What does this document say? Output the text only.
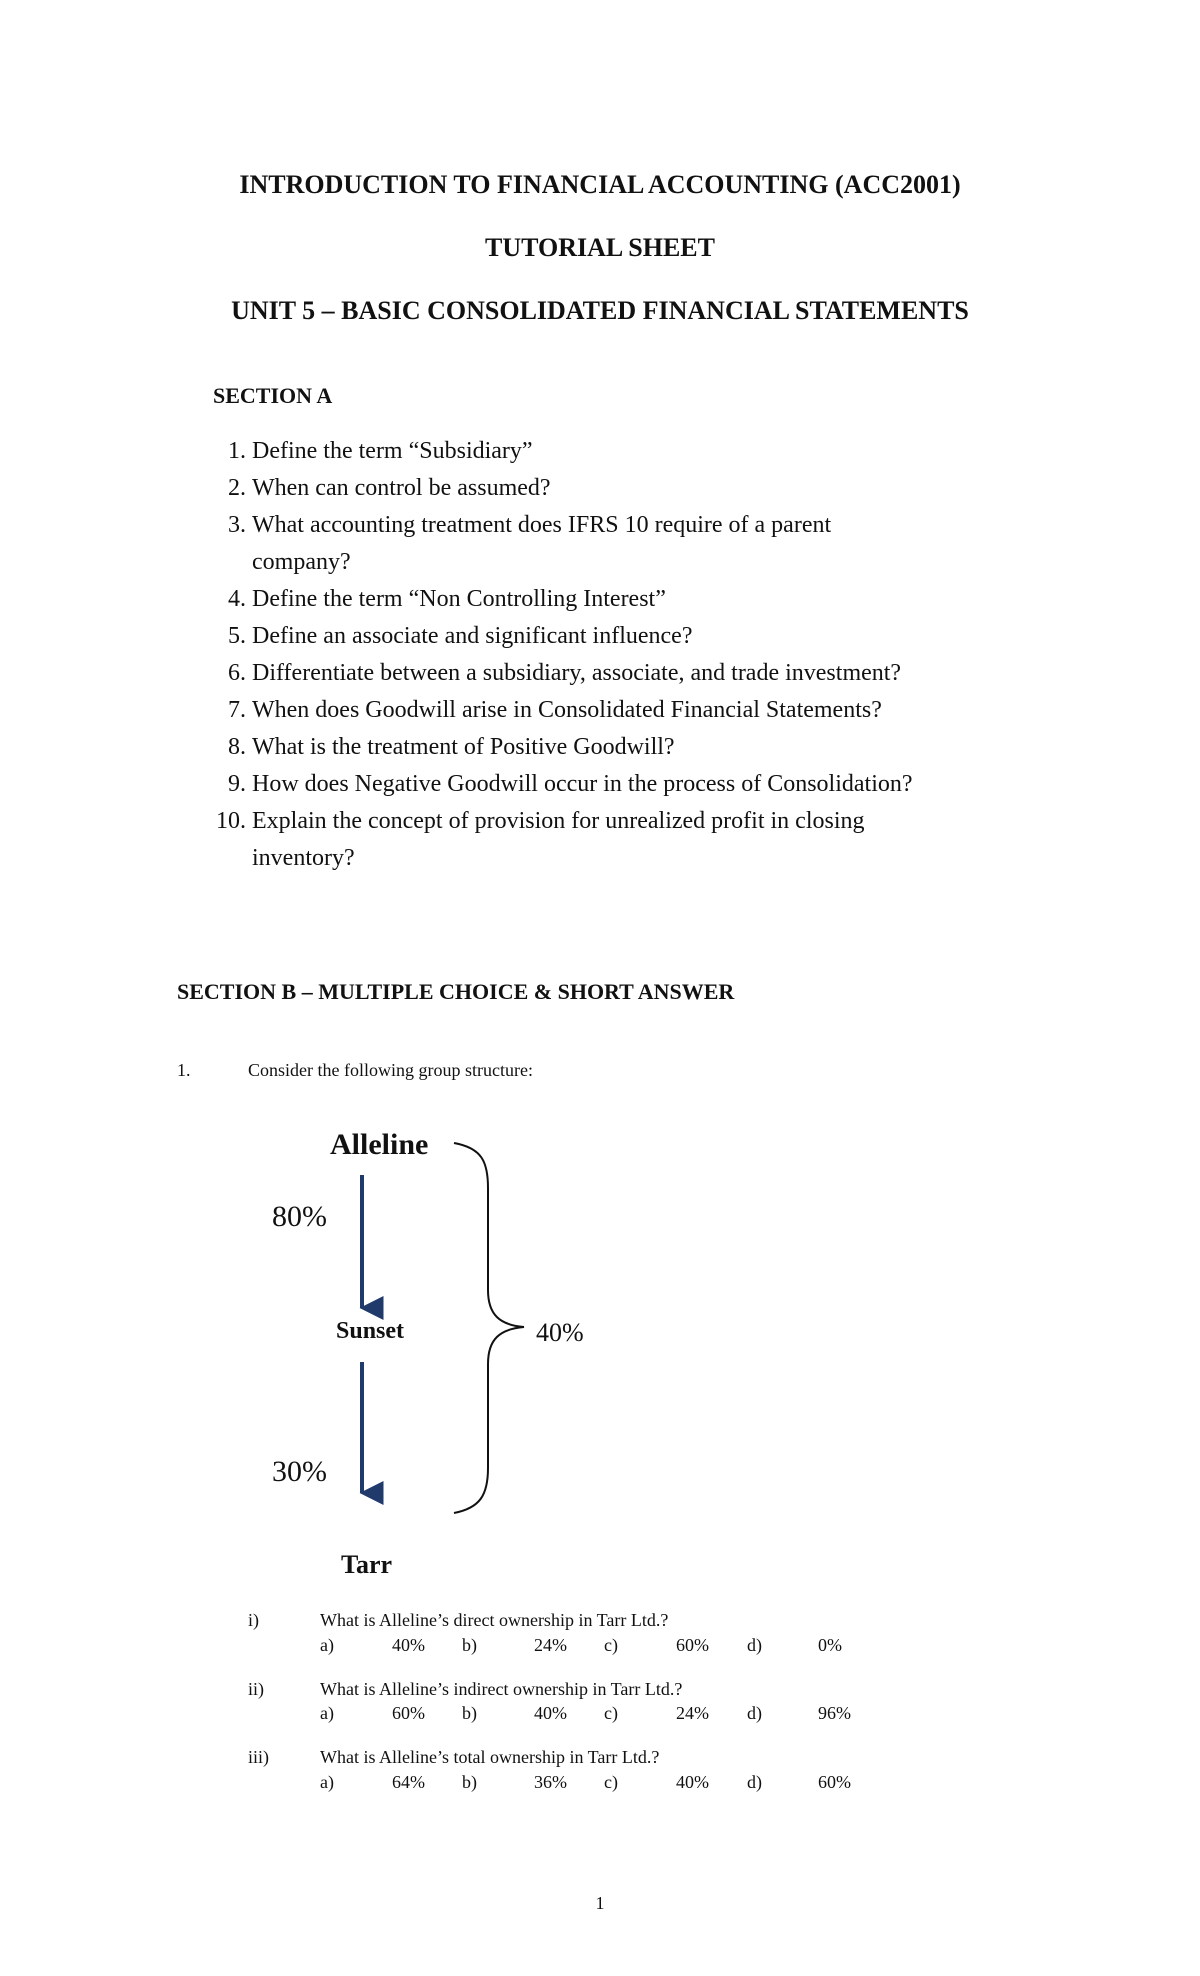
INTRODUCTION TO FINANCIAL ACCOUNTING (ACC2001)
TUTORIAL SHEET
UNIT 5 – BASIC CONSOLIDATED FINANCIAL STATEMENTS
SECTION A
1. Define the term “Subsidiary”
2. When can control be assumed?
3. What accounting treatment does IFRS 10 require of a parent
company?
4. Define the term “Non Controlling Interest”
5. Define an associate and significant influence?
6. Differentiate between a subsidiary, associate, and trade investment?
7. When does Goodwill arise in Consolidated Financial Statements?
8. What is the treatment of Positive Goodwill?
9. How does Negative Goodwill occur in the process of Consolidation?
10. Explain the concept of provision for unrealized profit in closing
inventory?
SECTION B – MULTIPLE CHOICE & SHORT ANSWER
1.	Consider the following group structure:
Alleline
80%
Sunset	40%
30%
Tarr
i)	What is Alleline’s direct ownership in Tarr Ltd.?
a)	40% b)	24% c)	60% d)	0%
ii)	What is Alleline’s indirect ownership in Tarr Ltd.?
a)	60% b)	40% c)	24% d)	96%
iii)	What is Alleline’s total ownership in Tarr Ltd.?
a)	64% b)	36% c)	40% d)	60%
1
